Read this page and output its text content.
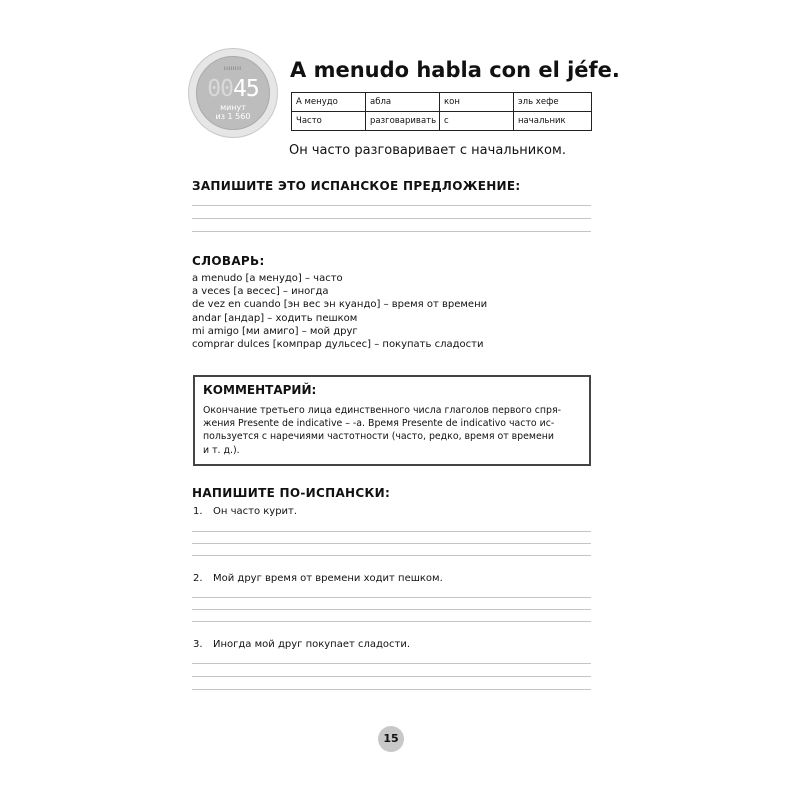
IIIIIIII
0045
минут
из 1 560
A menudo habla con el jéfe.
А менудо	абла	кон	эль хефе
Часто	разговаривать	с	начальник
Он часто разговаривает с начальником.
ЗАПИШИТЕ ЭТО ИСПАНСКОЕ ПРЕДЛОЖЕНИЕ:
СЛОВАРЬ:
a menudo [а менудо] – часто
a veces [а весес] – иногда
de vez en cuando [эн вес эн куандо] – время от времени
andar [андар] – ходить пешком
mi amigo [ми амиго] – мой друг
comprar dulces [компрар дульсес] – покупать сладости
КОММЕНТАРИЙ:
Окончание третьего лица единственного числа глаголов первого спря-
жения Presente de indicative – -a. Время Presente de indicativo часто ис-
пользуется с наречиями частотности (часто, редко, время от времени
и т. д.).
НАПИШИТЕ ПО-ИСПАНСКИ:
1. Он часто курит.
2. Мой друг время от времени ходит пешком.
3. Иногда мой друг покупает сладости.
15
